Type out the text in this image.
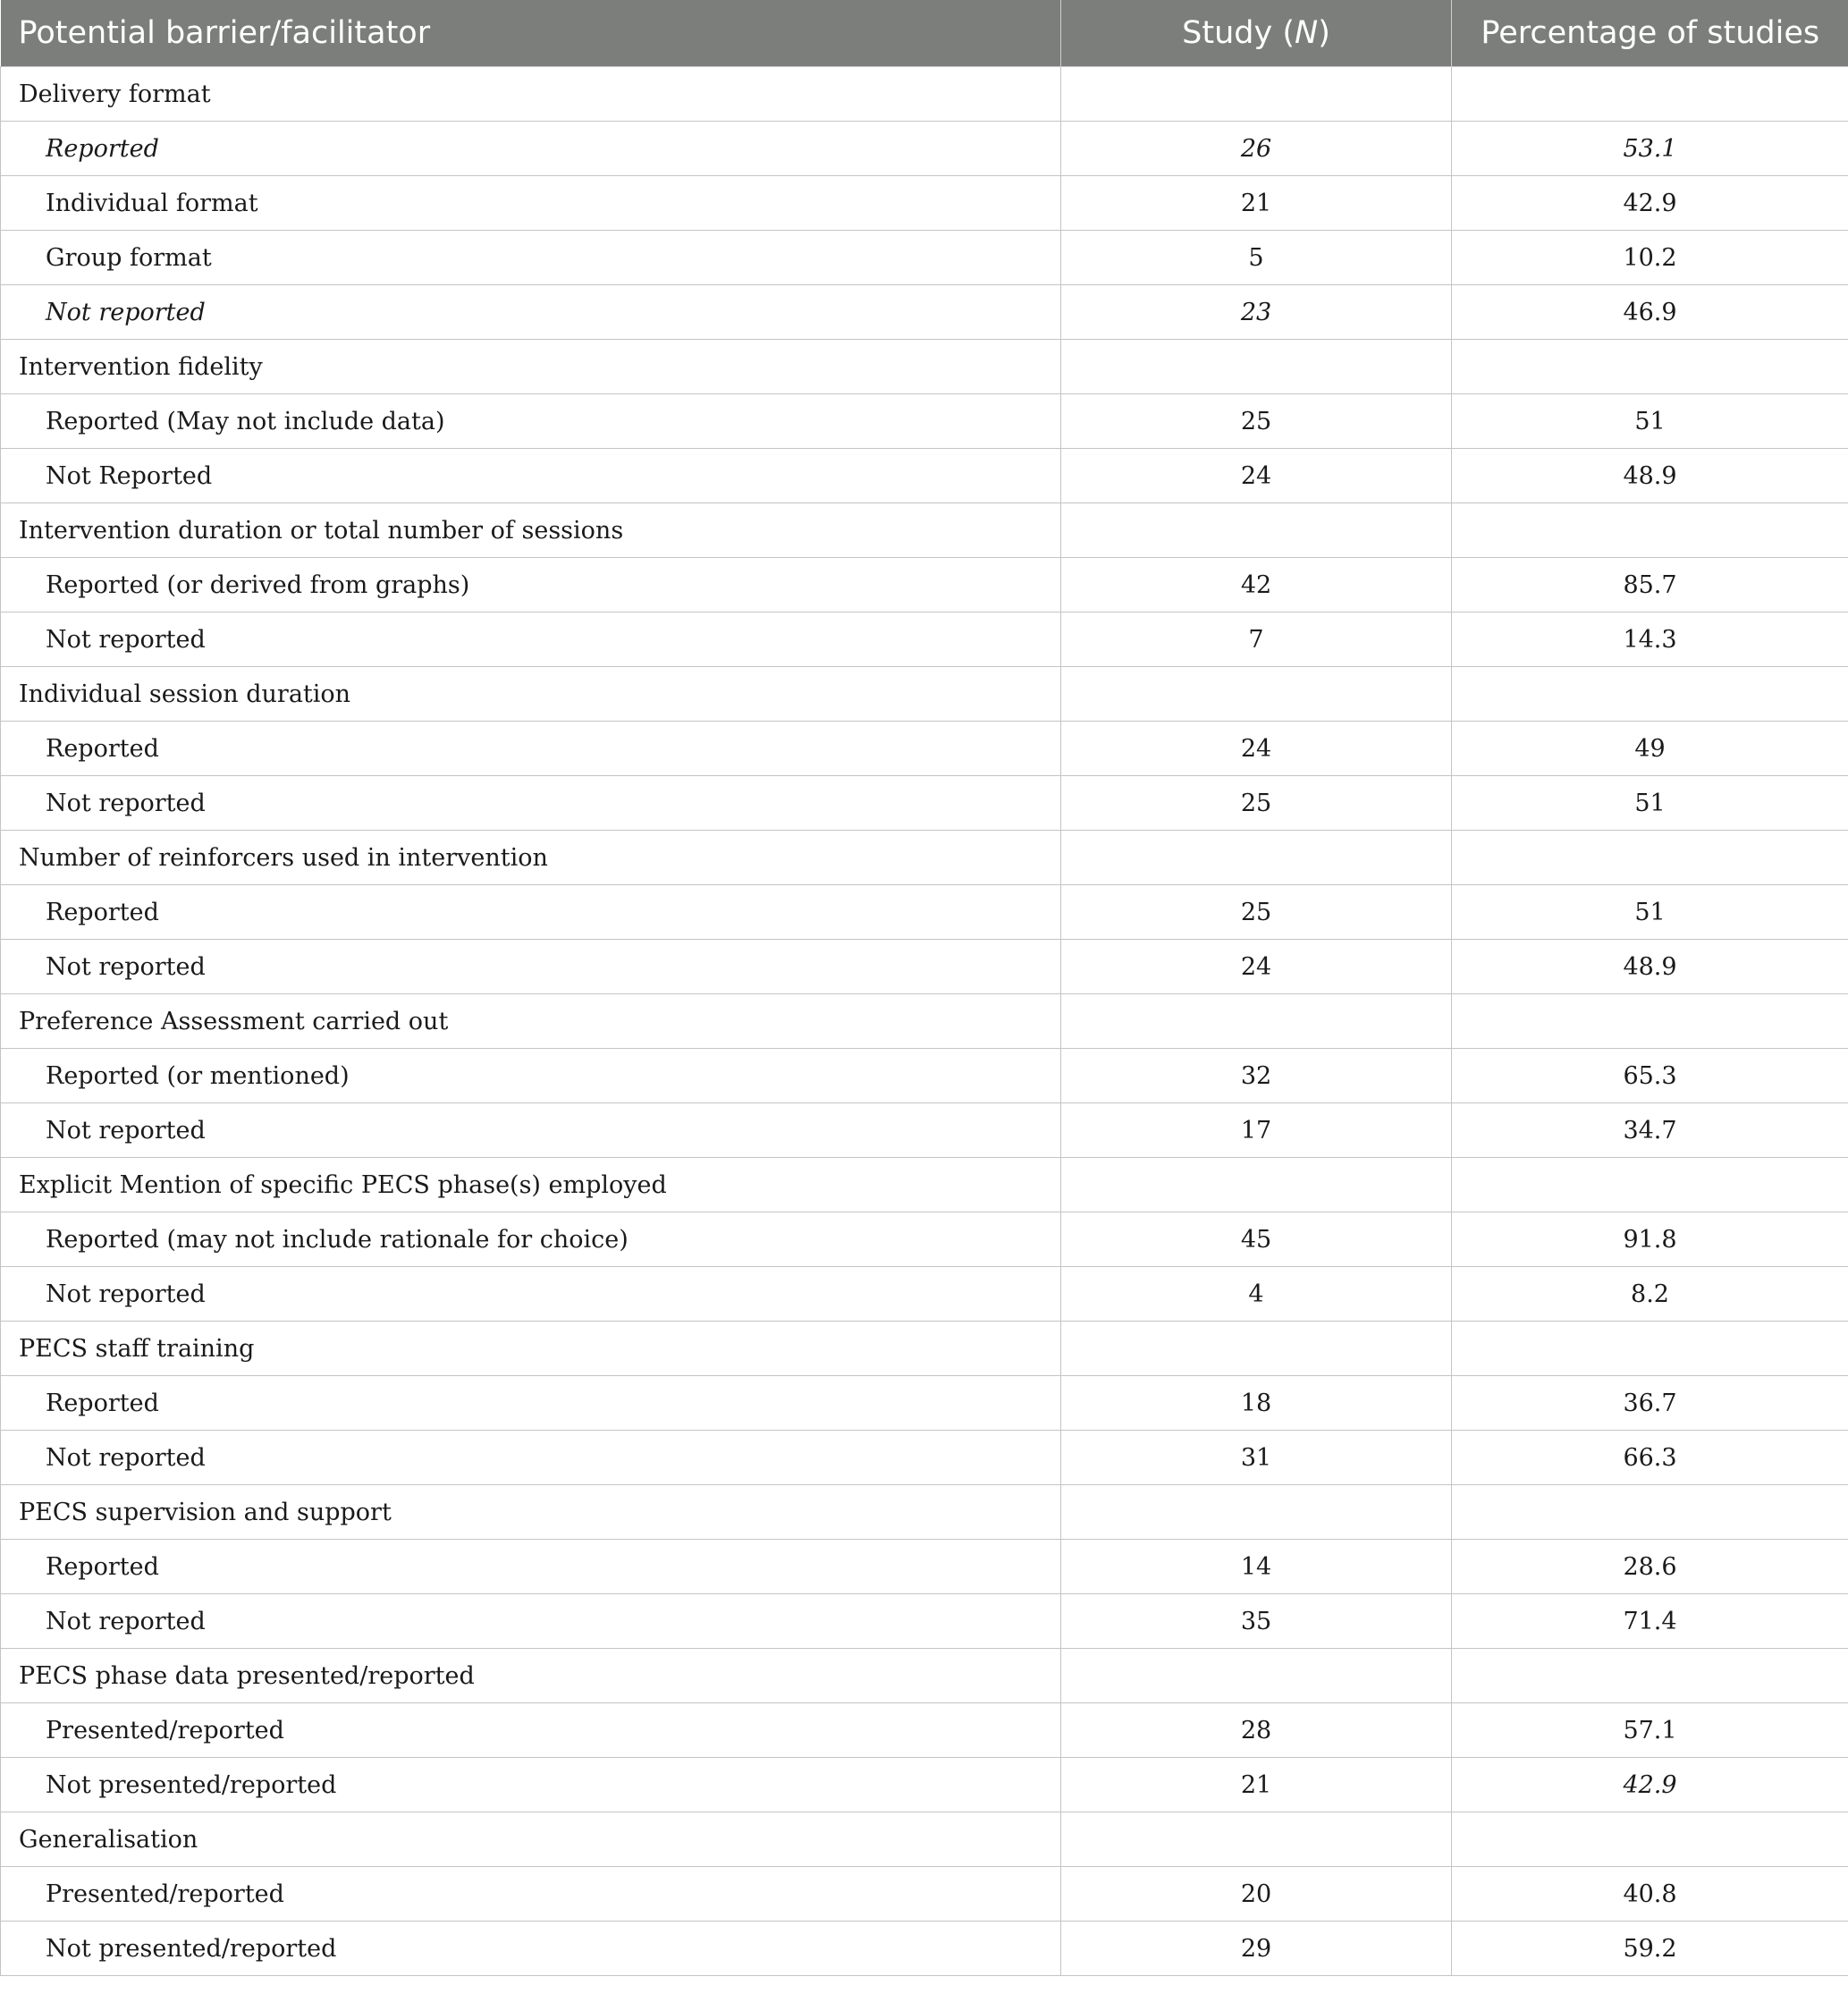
Potential barrier/facilitator	Study (N)	Percentage of studies
Delivery format		
Reported	26	53.1
Individual format	21	42.9
Group format	5	10.2
Not reported	23	46.9
Intervention fidelity		
Reported (May not include data)	25	51
Not Reported	24	48.9
Intervention duration or total number of sessions		
Reported (or derived from graphs)	42	85.7
Not reported	7	14.3
Individual session duration		
Reported	24	49
Not reported	25	51
Number of reinforcers used in intervention		
Reported	25	51
Not reported	24	48.9
Preference Assessment carried out		
Reported (or mentioned)	32	65.3
Not reported	17	34.7
Explicit Mention of specific PECS phase(s) employed		
Reported (may not include rationale for choice)	45	91.8
Not reported	4	8.2
PECS staff training		
Reported	18	36.7
Not reported	31	66.3
PECS supervision and support		
Reported	14	28.6
Not reported	35	71.4
PECS phase data presented/reported		
Presented/reported	28	57.1
Not presented/reported	21	42.9
Generalisation		
Presented/reported	20	40.8
Not presented/reported	29	59.2
